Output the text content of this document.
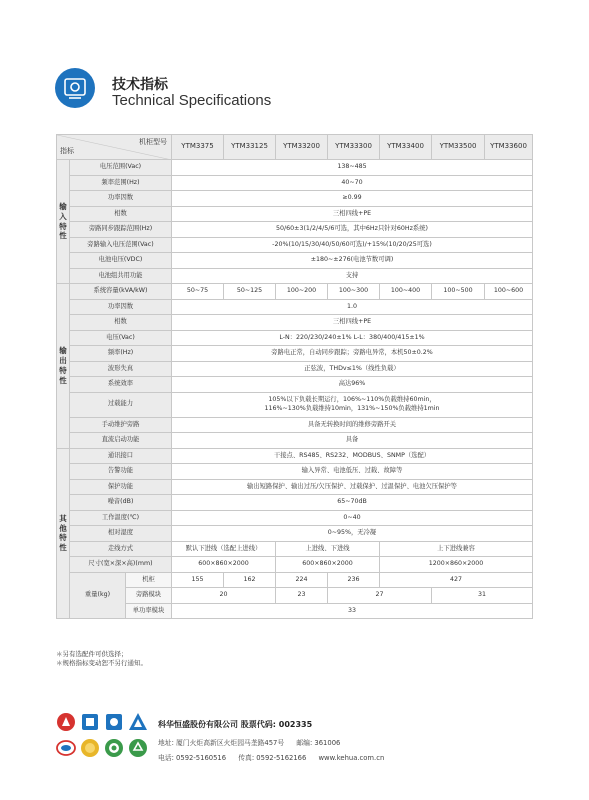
技术指标
Technical Specifications
机柜型号
指标			YTM3375	YTM33125	YTM33200	YTM33300	YTM33400	YTM33500	YTM33600
输
入
特
性	电压范围(Vac)		138~485						
	频率范围(Hz)		40~70						
	功率因数		≥0.99						
	相数		三相四线+PE						
	旁路同步跟踪范围(Hz)		50/60±3(1/2/4/5/6可选，其中6Hz只针对60Hz系统)						
	旁路输入电压范围(Vac)		-20%(10/15/30/40/50/60可选)/+15%(10/20/25可选)						
	电池电压(VDC)		±180~±276(电池节数可调)						
	电池组共用功能		支持						
输
出
特
性	系统容量(kVA/kW)		50~75	50~125	100~200	100~300	100~400	100~500	100~600
	功率因数		1.0						
	相数		三相四线+PE						
	电压(Vac)		L-N：220/230/240±1% L-L：380/400/415±1%						
	频率(Hz)		旁路电正常，自动同步跟踪；旁路电异常，本机50±0.2%						
	波形失真		正弦波，THDv≤1%（线性负载）						
	系统效率		高达96%						
	过载能力		105%以下负载长期运行，106%~110%负载维持60min，
116%~130%负载维持10min，131%~150%负载维持1min						
	手动维护旁路		具备无转换时间的维修旁路开关						
	直流启动功能		具备						
其
他
特
性	通讯接口		干接点、RS485、RS232、MODBUS、SNMP（选配）						
	告警功能		输入异常、电池低压、过载、故障等						
	保护功能		输出短路保护、输出过压/欠压保护、过载保护、过温保护、电池欠压保护等						
	噪音(dB)		65~70dB						
	工作温度(℃)		0~40						
	相对湿度		0~95%，无冷凝						
	走线方式		默认下进线（选配上进线）		上进线、下进线		上下进线兼容		
	尺寸(宽×深×高)(mm)		600×860×2000		600×860×2000		1200×860×2000		
	重量(kg)	机柜	155	162	224	236	427		
		旁路模块	20		23	27		31	
		单功率模块	33						
＊另有选配件可供选择；
＊规格指标变动恕不另行通知。
科华恒盛股份有限公司 股票代码: 002335
地址: 厦门火炬高新区火炬园马垄路457号 邮编: 361006
电话: 0592-5160516 传真: 0592-5162166 www.kehua.com.cn
